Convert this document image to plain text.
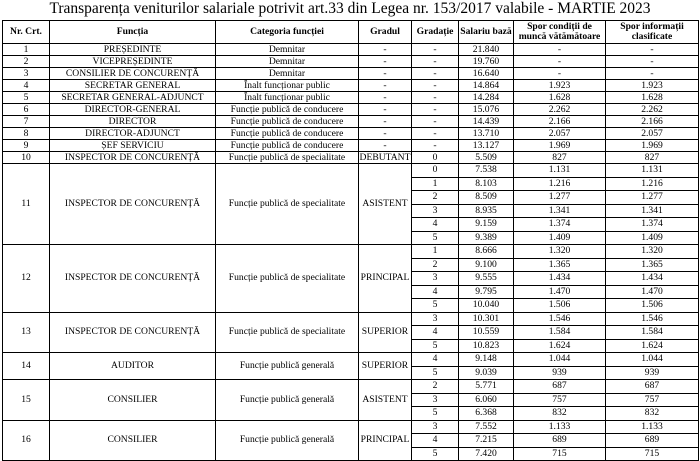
Transparența veniturilor salariale potrivit art.33 din Legea nr. 153/2017 valabile - MARTIE 2023
Nr. Crt.	Funcția	Categoria funcției	Gradul	Gradație	Salariu bază	Spor condiții de muncă vătămătoare	Spor informații clasificate
1	PREȘEDINTE	Demnitar	-	-	21.840	-	-
2	VICEPREȘEDINTE	Demnitar	-	-	19.760	-	-
3	CONSILIER DE CONCURENȚĂ	Demnitar	-	-	16.640	-	-
4	SECRETAR GENERAL	Înalt funcționar public	-	-	14.864	1.923	1.923
5	SECRETAR GENERAL-ADJUNCT	Înalt funcționar public	-	-	14.284	1.628	1.628
6	DIRECTOR-GENERAL	Funcție publică de conducere	-	-	15.076	2.262	2.262
7	DIRECTOR	Funcție publică de conducere	-	-	14.439	2.166	2.166
8	DIRECTOR-ADJUNCT	Funcție publică de conducere	-	-	13.710	2.057	2.057
9	ȘEF SERVICIU	Funcție publică de conducere	-	-	13.127	1.969	1.969
10	INSPECTOR DE CONCURENȚĂ	Funcție publică de specialitate	DEBUTANT	0	5.509	827	827
11	INSPECTOR DE CONCURENȚĂ	Funcție publică de specialitate	ASISTENT	0	7.538	1.131	1.131
				1	8.103	1.216	1.216
				2	8.509	1.277	1.277
				3	8.935	1.341	1.341
				4	9.159	1.374	1.374
				5	9.389	1.409	1.409
12	INSPECTOR DE CONCURENȚĂ	Funcție publică de specialitate	PRINCIPAL	1	8.666	1.320	1.320
				2	9.100	1.365	1.365
				3	9.555	1.434	1.434
				4	9.795	1.470	1.470
				5	10.040	1.506	1.506
13	INSPECTOR DE CONCURENȚĂ	Funcție publică de specialitate	SUPERIOR	3	10.301	1.546	1.546
				4	10.559	1.584	1.584
				5	10.823	1.624	1.624
14	AUDITOR	Funcție publică generală	SUPERIOR	4	9.148	1.044	1.044
				5	9.039	939	939
15	CONSILIER	Funcție publică generală	ASISTENT	2	5.771	687	687
				3	6.060	757	757
				5	6.368	832	832
16	CONSILIER	Funcție publică generală	PRINCIPAL	3	7.552	1.133	1.133
				4	7.215	689	689
				5	7.420	715	715
